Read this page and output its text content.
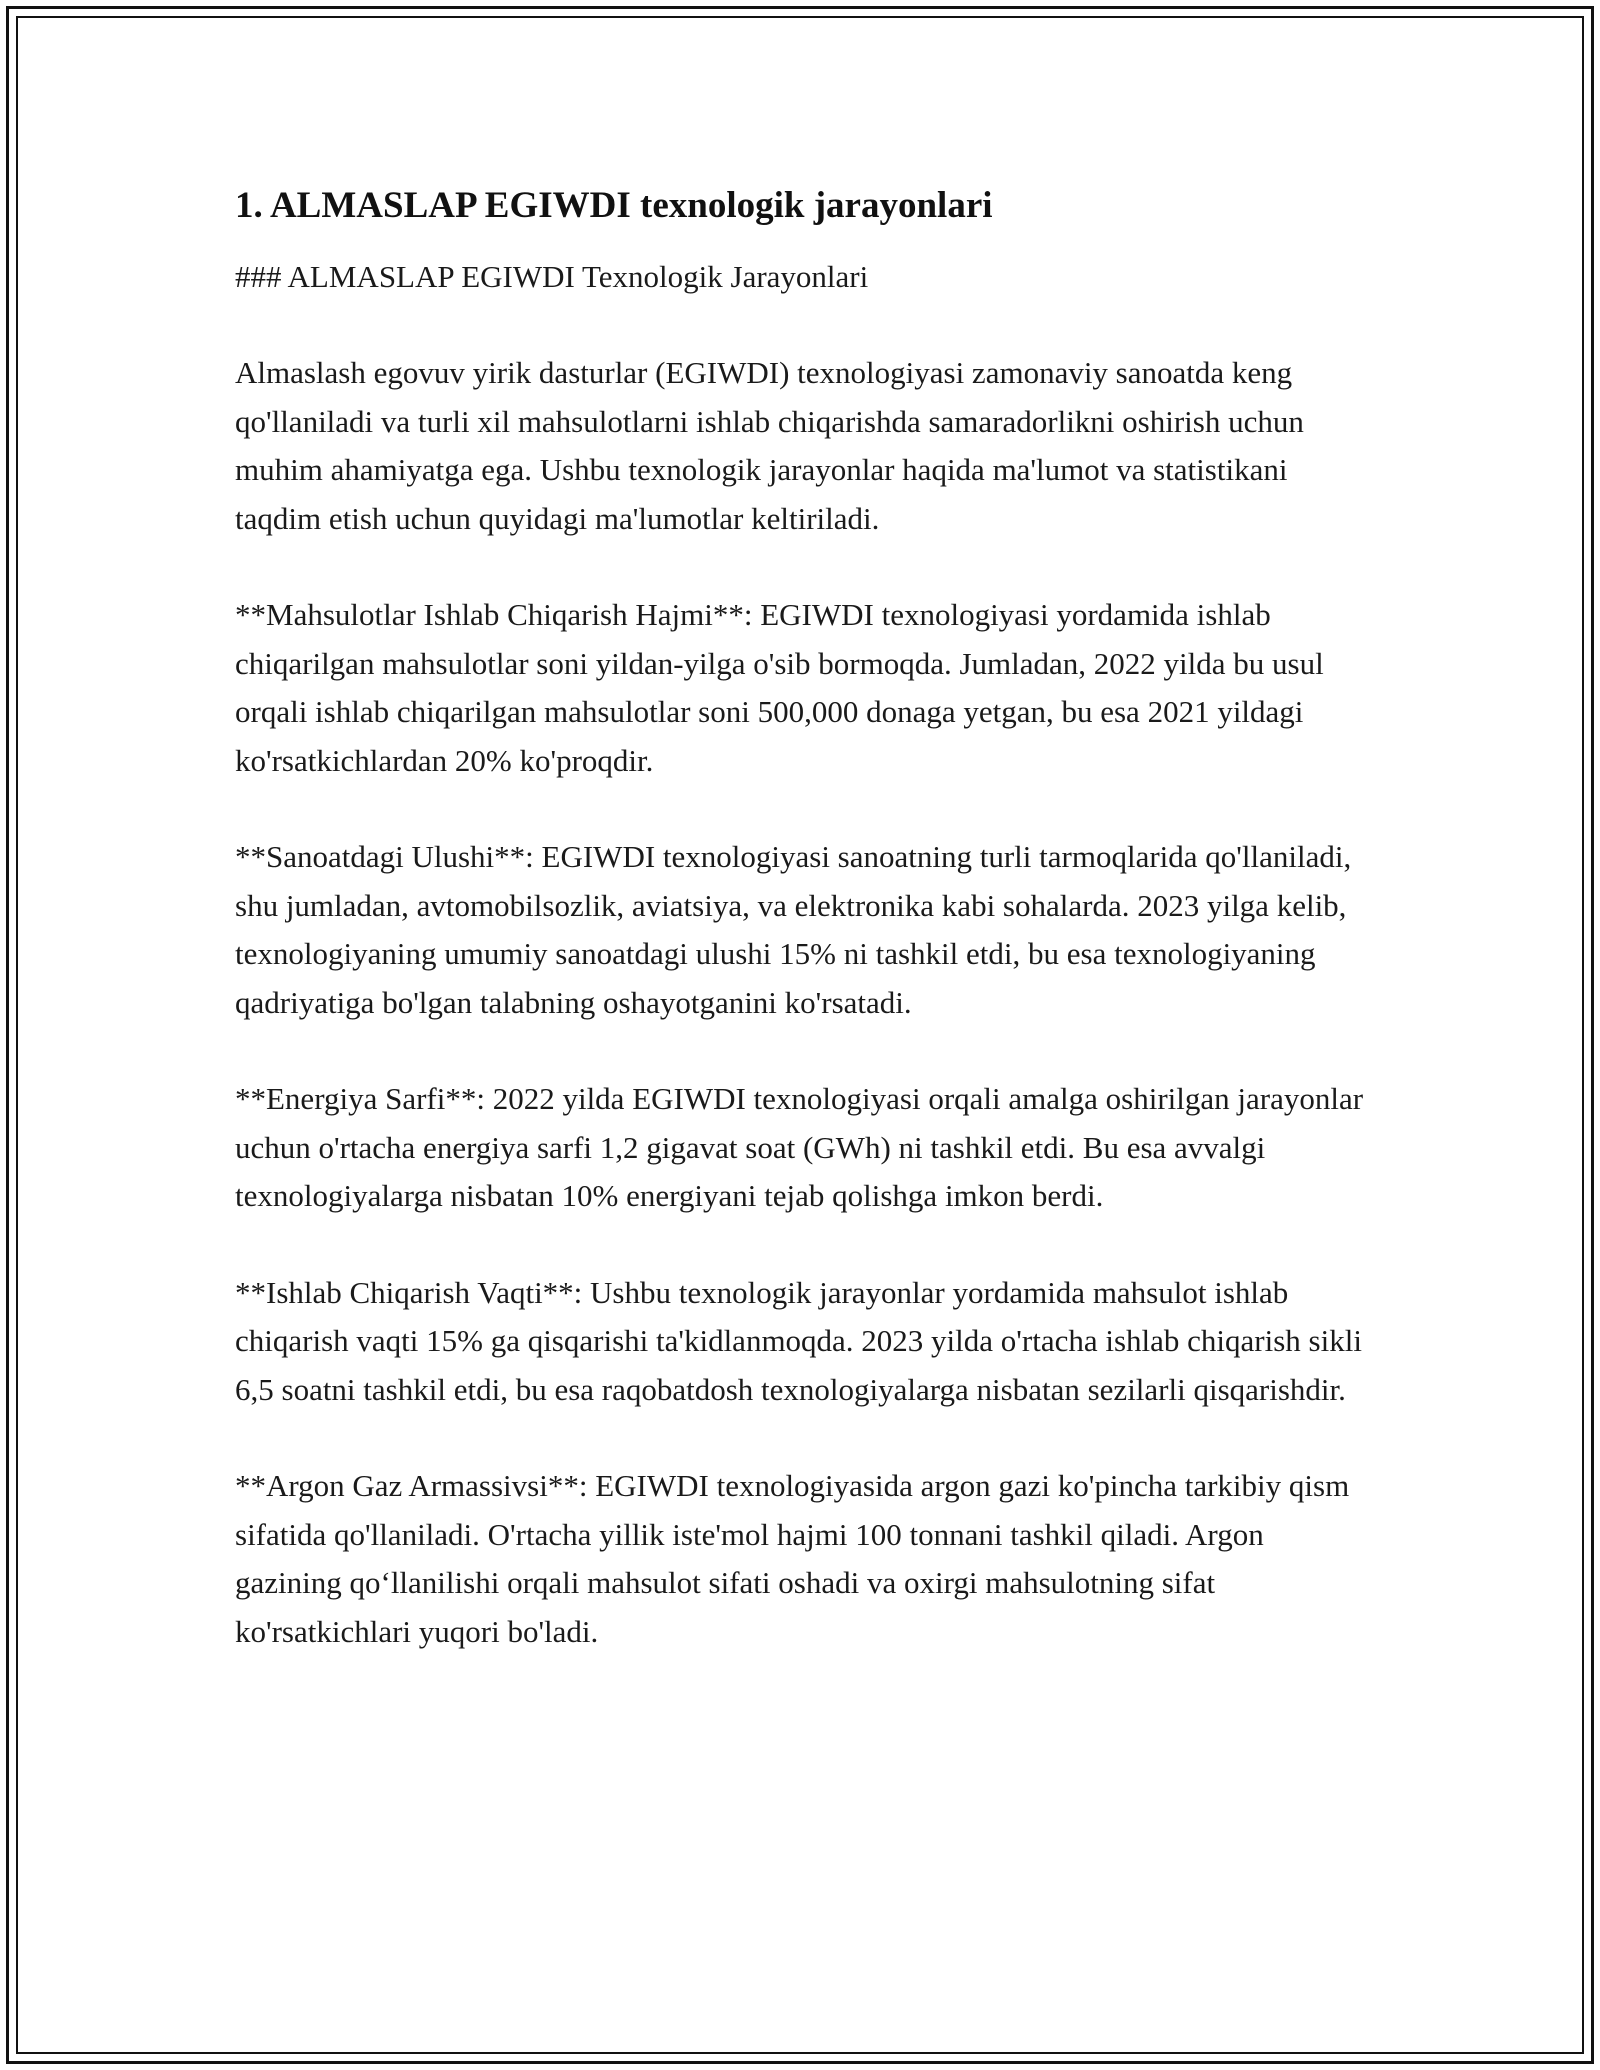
1. ALMASLAP EGIWDI texnologik jarayonlari

### ALMASLAP EGIWDI Texnologik Jarayonlari

Almaslash egovuv yirik dasturlar (EGIWDI) texnologiyasi zamonaviy sanoatda keng qo'llaniladi va turli xil mahsulotlarni ishlab chiqarishda samaradorlikni oshirish uchun muhim ahamiyatga ega. Ushbu texnologik jarayonlar haqida ma'lumot va statistikani taqdim etish uchun quyidagi ma'lumotlar keltiriladi.

**Mahsulotlar Ishlab Chiqarish Hajmi**: EGIWDI texnologiyasi yordamida ishlab chiqarilgan mahsulotlar soni yildan-yilga o'sib bormoqda. Jumladan, 2022 yilda bu usul orqali ishlab chiqarilgan mahsulotlar soni 500,000 donaga yetgan, bu esa 2021 yildagi ko'rsatkichlardan 20% ko'proqdir.

**Sanoatdagi Ulushi**: EGIWDI texnologiyasi sanoatning turli tarmoqlarida qo'llaniladi, shu jumladan, avtomobilsozlik, aviatsiya, va elektronika kabi sohalarda. 2023 yilga kelib, texnologiyaning umumiy sanoatdagi ulushi 15% ni tashkil etdi, bu esa texnologiyaning qadriyatiga bo'lgan talabning oshayotganini ko'rsatadi.

**Energiya Sarfi**: 2022 yilda EGIWDI texnologiyasi orqali amalga oshirilgan jarayonlar uchun o'rtacha energiya sarfi 1,2 gigavat soat (GWh) ni tashkil etdi. Bu esa avvalgi texnologiyalarga nisbatan 10% energiyani tejab qolishga imkon berdi.

**Ishlab Chiqarish Vaqti**: Ushbu texnologik jarayonlar yordamida mahsulot ishlab chiqarish vaqti 15% ga qisqarishi ta'kidlanmoqda. 2023 yilda o'rtacha ishlab chiqarish sikli 6,5 soatni tashkil etdi, bu esa raqobatdosh texnologiyalarga nisbatan sezilarli qisqarishdir.

**Argon Gaz Armassivsi**: EGIWDI texnologiyasida argon gazi ko'pincha tarkibiy qism sifatida qo'llaniladi. O'rtacha yillik iste'mol hajmi 100 tonnani tashkil qiladi. Argon gazining qo‘llanilishi orqali mahsulot sifati oshadi va oxirgi mahsulotning sifat ko'rsatkichlari yuqori bo'ladi.
